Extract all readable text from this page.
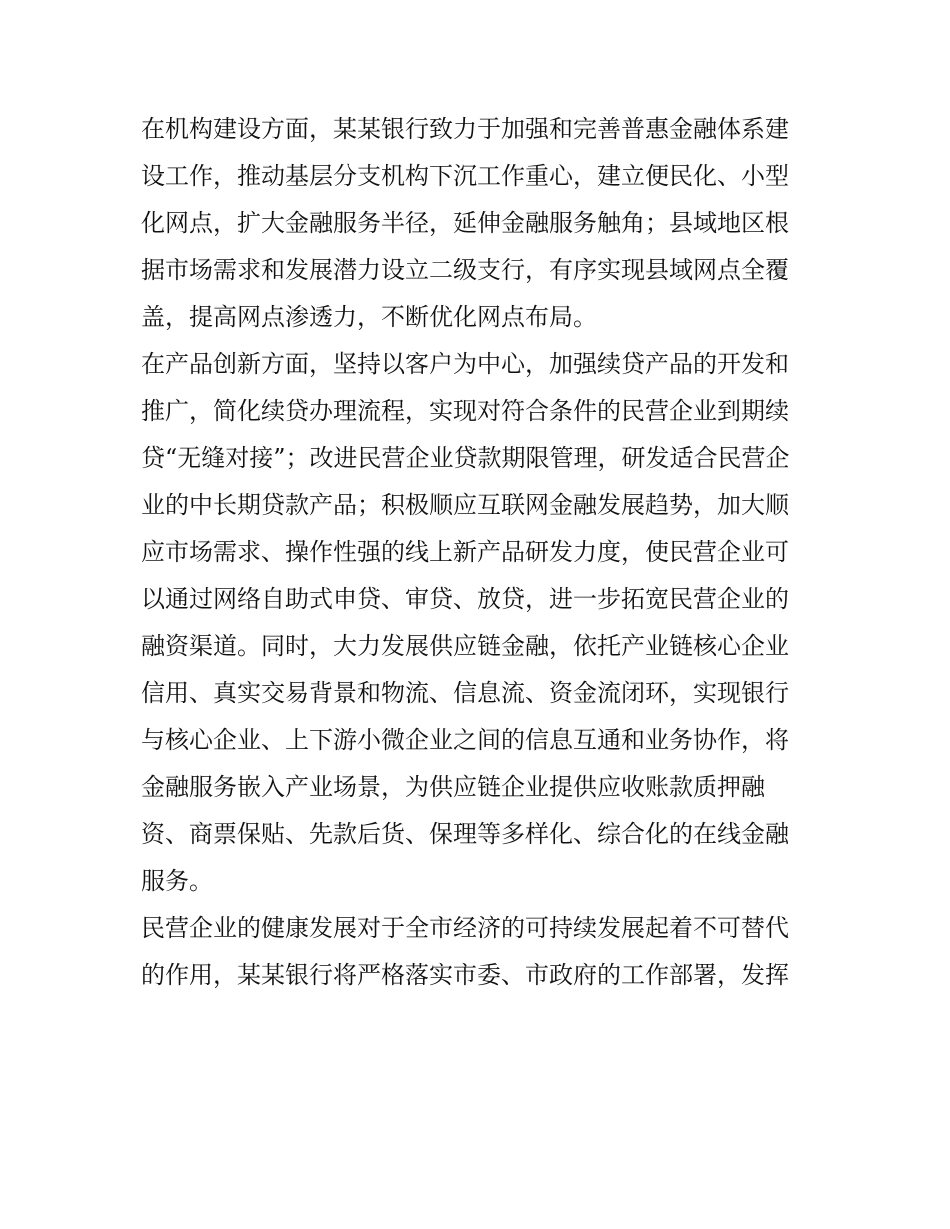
在机构建设方面，某某银行致力于加强和完善普惠金融体系建
设工作，推动基层分支机构下沉工作重心，建立便民化、小型
化网点，扩大金融服务半径，延伸金融服务触角；县域地区根
据市场需求和发展潜力设立二级支行，有序实现县域网点全覆
盖，提高网点渗透力，不断优化网点布局。
在产品创新方面，坚持以客户为中心，加强续贷产品的开发和
推广，简化续贷办理流程，实现对符合条件的民营企业到期续
贷“无缝对接”；改进民营企业贷款期限管理，研发适合民营企
业的中长期贷款产品；积极顺应互联网金融发展趋势，加大顺
应市场需求、操作性强的线上新产品研发力度，使民营企业可
以通过网络自助式申贷、审贷、放贷，进一步拓宽民营企业的
融资渠道。同时，大力发展供应链金融，依托产业链核心企业
信用、真实交易背景和物流、信息流、资金流闭环，实现银行
与核心企业、上下游小微企业之间的信息互通和业务协作，将
金融服务嵌入产业场景，为供应链企业提供应收账款质押融
资、商票保贴、先款后货、保理等多样化、综合化的在线金融
服务。
民营企业的健康发展对于全市经济的可持续发展起着不可替代
的作用，某某银行将严格落实市委、市政府的工作部署，发挥
